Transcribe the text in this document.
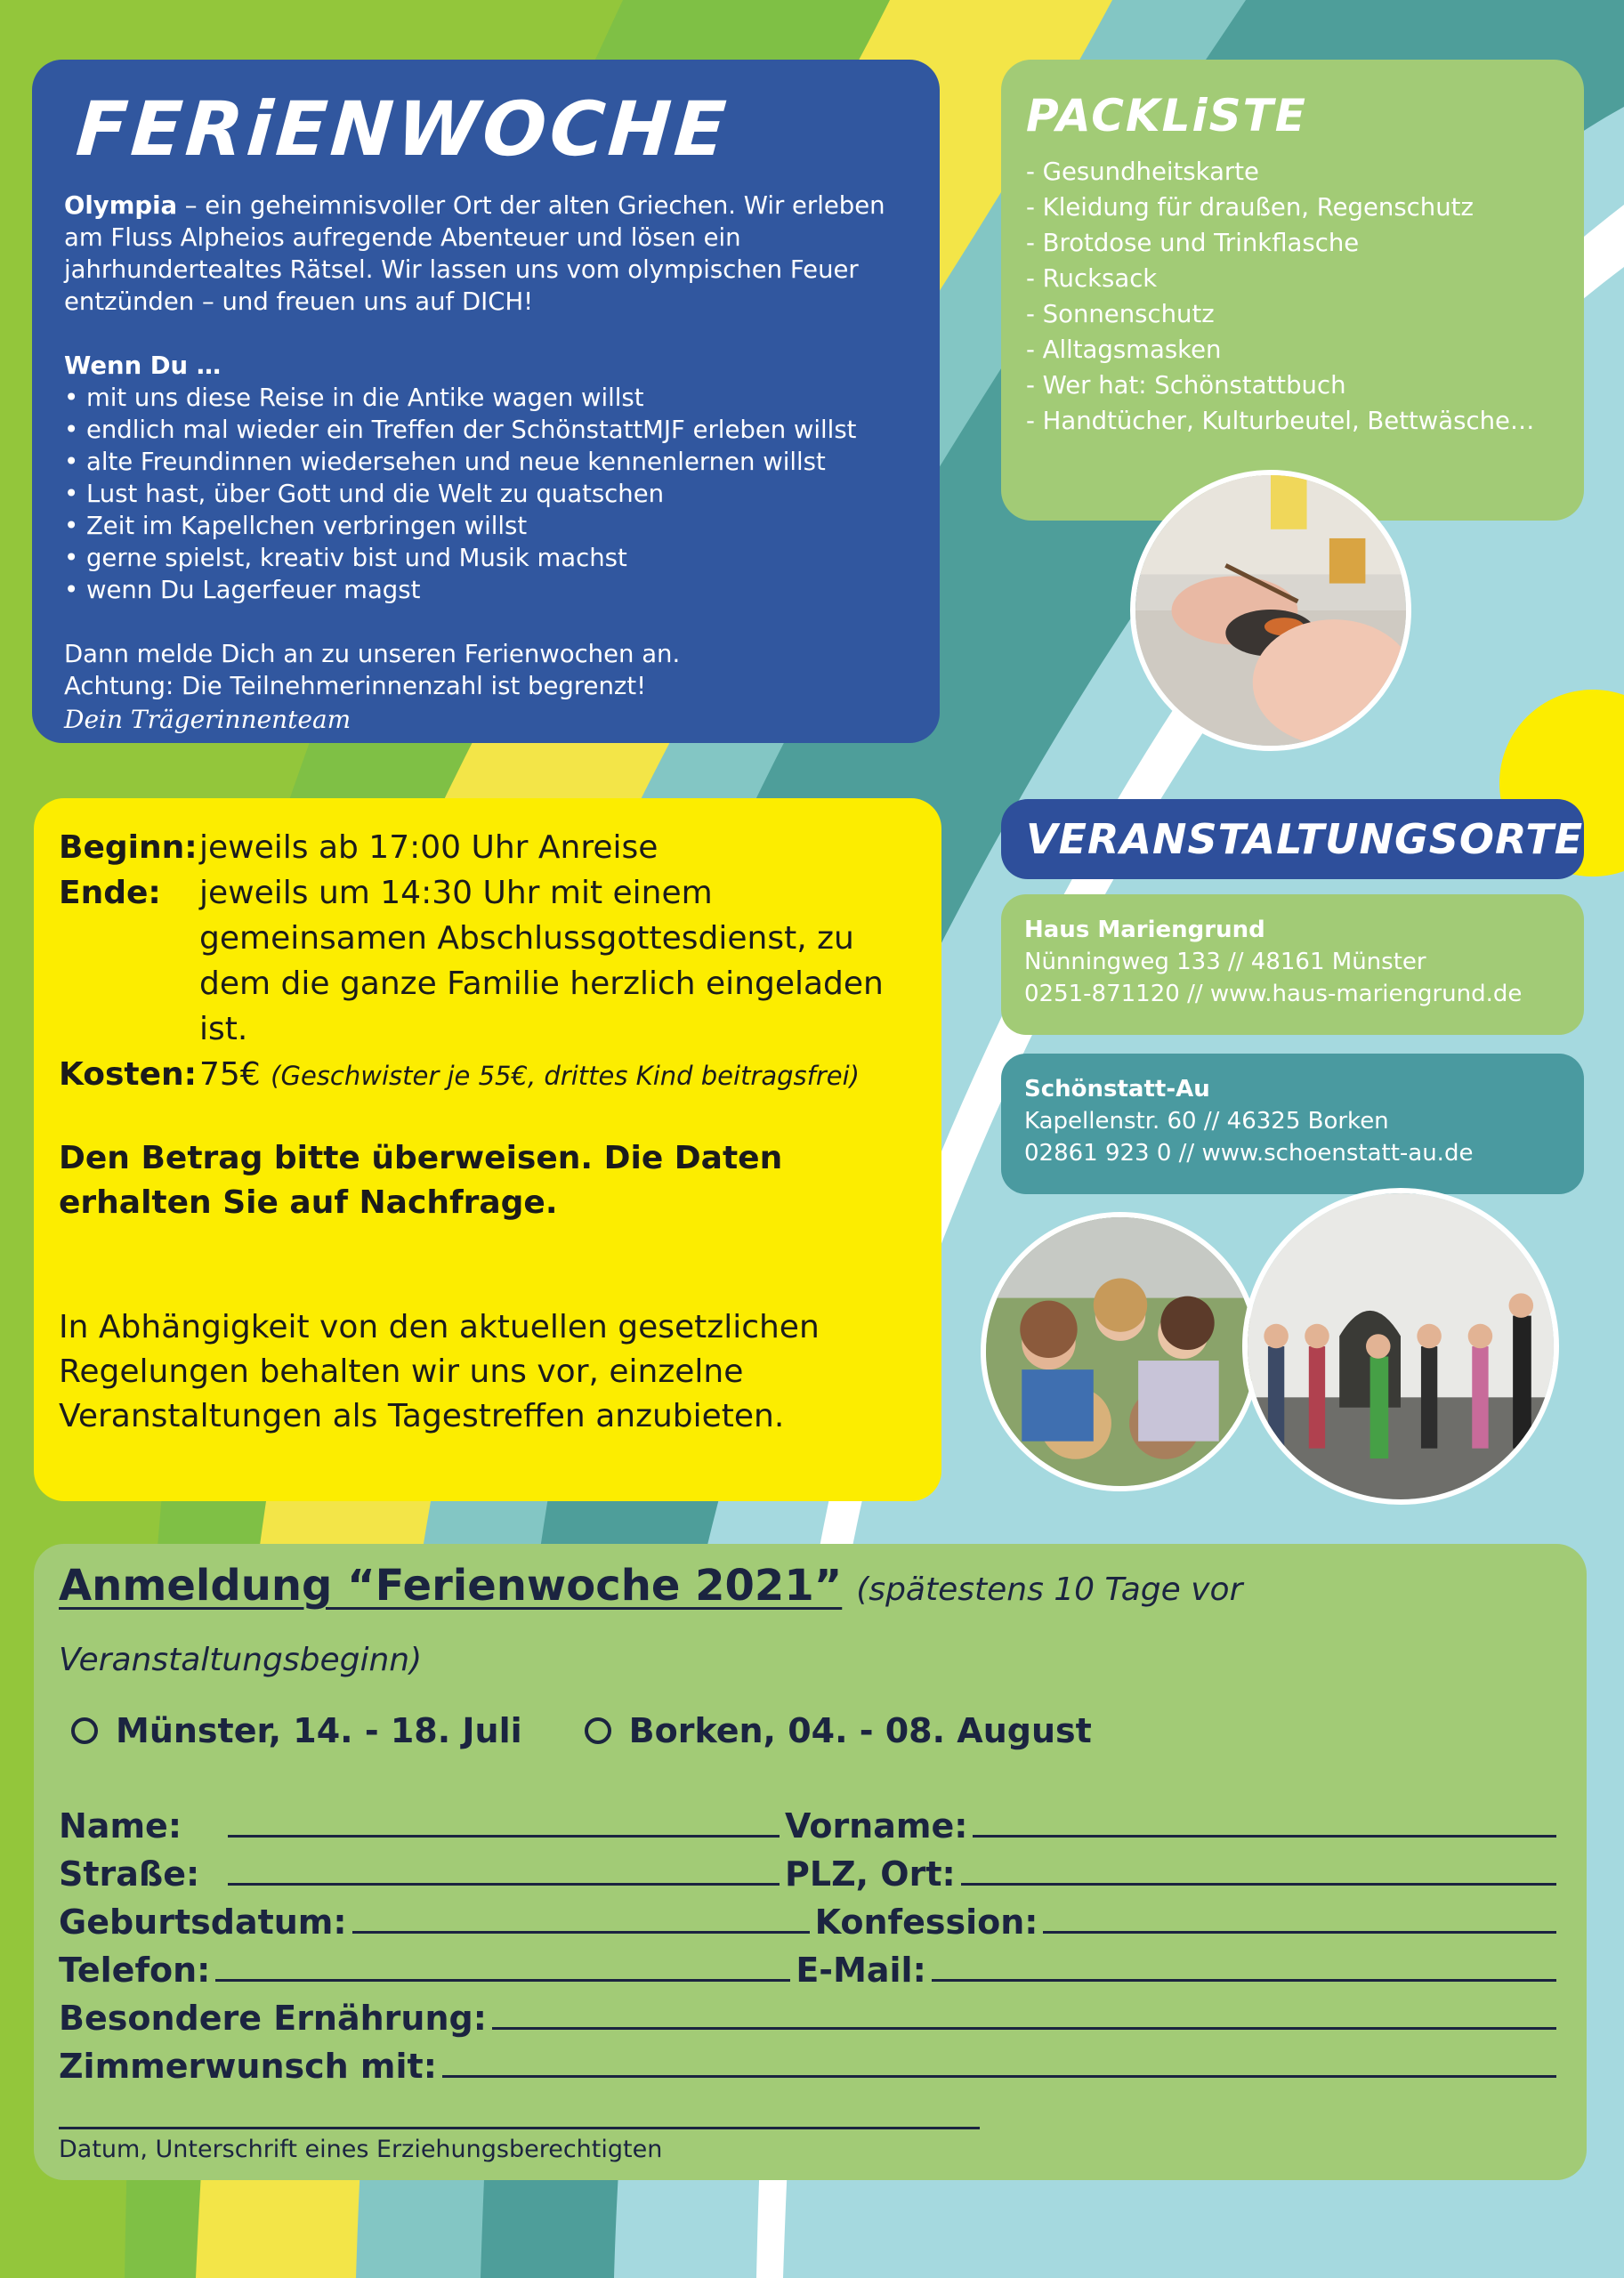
FERiENWOCHE
Olympia – ein geheimnisvoller Ort der alten Griechen. Wir erleben am Fluss Alpheios aufregende Abenteuer und lösen ein jahrhundertealtes Rätsel. Wir lassen uns vom olympischen Feuer entzünden – und freuen uns auf DICH!
Wenn Du …
• mit uns diese Reise in die Antike wagen willst
• endlich mal wieder ein Treffen der SchönstattMJF erleben willst
• alte Freundinnen wiedersehen und neue kennenlernen willst
• Lust hast, über Gott und die Welt zu quatschen
• Zeit im Kapellchen verbringen willst
• gerne spielst, kreativ bist und Musik machst
• wenn Du Lagerfeuer magst
Dann melde Dich an zu unseren Ferienwochen an.
Achtung: Die Teilnehmerinnenzahl ist begrenzt!
Dein Trägerinnenteam
PACKLiSTE
- Gesundheitskarte
- Kleidung für draußen, Regenschutz
- Brotdose und Trinkflasche
- Rucksack
- Sonnenschutz
- Alltagsmasken
- Wer hat: Schönstattbuch
- Handtücher, Kulturbeutel, Bettwäsche…
Beginn: jeweils ab 17:00 Uhr Anreise
Ende:	jeweils um 14:30 Uhr mit einem gemeinsamen Abschlussgottesdienst, zu dem die ganze Familie herzlich eingeladen ist.
Kosten: 75€ (Geschwister je 55€, drittes Kind beitragsfrei)
Den Betrag bitte überweisen. Die Daten erhalten Sie auf Nachfrage.
In Abhängigkeit von den aktuellen gesetzlichen Regelungen behalten wir uns vor, einzelne Veranstaltungen als Tagestreffen anzubieten.
VERANSTALTUNGSORTE
Haus Mariengrund
Nünningweg 133 // 48161 Münster
0251-871120 // www.haus-mariengrund.de
Schönstatt-Au
Kapellenstr. 60 // 46325 Borken
02861 923 0 // www.schoenstatt-au.de
Anmeldung “Ferienwoche 2021” (spätestens 10 Tage vor Veranstaltungsbeginn)
Münster, 14. - 18. Juli	Borken, 04. - 08. August
Name:	Vorname:
Straße:	PLZ, Ort:
Geburtsdatum:	Konfession:
Telefon:	E-Mail:
Besondere Ernährung:
Zimmerwunsch mit:
Datum, Unterschrift eines Erziehungsberechtigten
